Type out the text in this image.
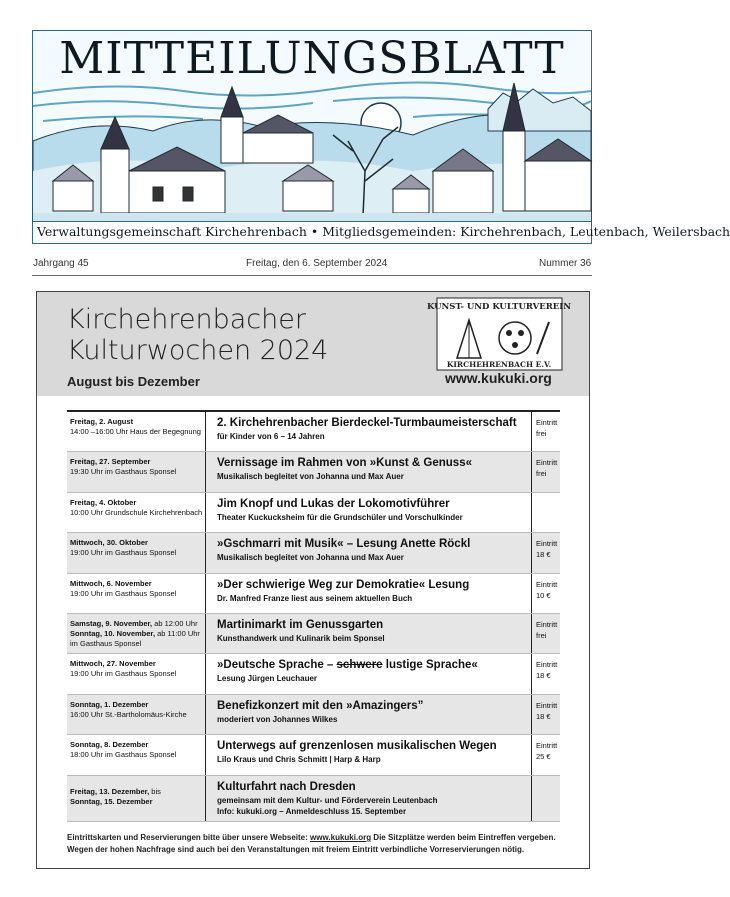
MITTEILUNGSBLATT
Verwaltungsgemeinschaft Kirchehrenbach • Mitgliedsgemeinden: Kirchehrenbach, Leutenbach, Weilersbach
Jahrgang 45	Freitag, den 6. September 2024	Nummer 36
Kirchehrenbacher
Kulturwochen 2024
August bis Dezember
KUNST- UND KULTURVEREIN
KIRCHEHRENBACH E.V.
www.kukuki.org
Freitag, 2. August
14:00 –16:00 Uhr Haus der Begegnung
2. Kirchehrenbacher Bierdeckel-Turmbaumeisterschaft
für Kinder von 6 – 14 Jahren
Eintritt
frei
Freitag, 27. September
19:30 Uhr im Gasthaus Sponsel
Vernissage im Rahmen von »Kunst & Genuss«
Musikalisch begleitet von Johanna und Max Auer
Eintritt
frei
Freitag, 4. Oktober
10:00 Uhr Grundschule Kirchehrenbach
Jim Knopf und Lukas der Lokomotivführer
Theater Kuckucksheim für die Grundschüler und Vorschulkinder

Mittwoch, 30. Oktober
19:00 Uhr im Gasthaus Sponsel
»Gschmarri mit Musik« – Lesung Anette Röckl
Musikalisch begleitet von Johanna und Max Auer
Eintritt
18 €
Mittwoch, 6. November
19:00 Uhr im Gasthaus Sponsel
»Der schwierige Weg zur Demokratie« Lesung
Dr. Manfred Franze liest aus seinem aktuellen Buch
Eintritt
10 €
Samstag, 9. November, ab 12:00 Uhr
Sonntag, 10. November, ab 11:00 Uhr
im Gasthaus Sponsel
Martinimarkt im Genussgarten
Kunsthandwerk und Kulinarik beim Sponsel
Eintritt
frei
Mittwoch, 27. November
19:00 Uhr im Gasthaus Sponsel
»Deutsche Sprache – schwere lustige Sprache«
Lesung Jürgen Leuchauer
Eintritt
18 €
Sonntag, 1. Dezember
16:00 Uhr St.-Bartholomäus-Kirche
Benefizkonzert mit den »Amazingers”
moderiert von Johannes Wilkes
Eintritt
18 €
Sonntag, 8. Dezember
18:00 Uhr im Gasthaus Sponsel
Unterwegs auf grenzenlosen musikalischen Wegen
Lilo Kraus und Chris Schmitt | Harp & Harp
Eintritt
25 €
Freitag, 13. Dezember, bis
Sonntag, 15. Dezember
Kulturfahrt nach Dresden
gemeinsam mit dem Kultur- und Förderverein Leutenbach
Info: kukuki.org – Anmeldeschluss 15. September

Eintrittskarten und Reservierungen bitte über unsere Webseite: www.kukuki.org Die Sitzplätze werden beim Eintreffen vergeben.
Wegen der hohen Nachfrage sind auch bei den Veranstaltungen mit freiem Eintritt verbindliche Vorreservierungen nötig.
